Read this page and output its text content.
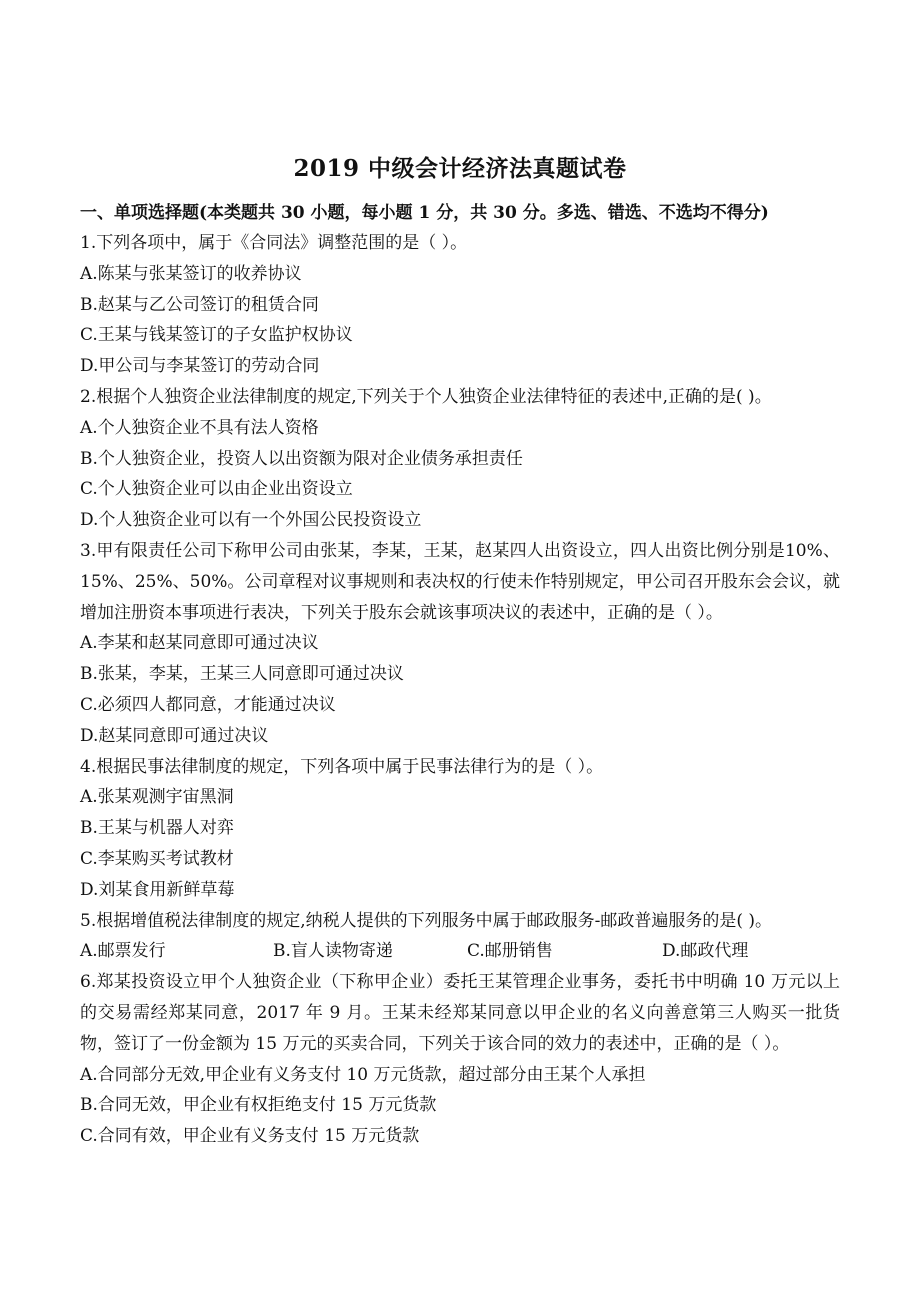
2019 中级会计经济法真题试卷
一、单项选择题(本类题共 30 小题，每小题 1 分，共 30 分。多选、错选、不选均不得分)
1.下列各项中，属于《合同法》调整范围的是（ ）。
A.陈某与张某签订的收养协议
B.赵某与乙公司签订的租赁合同
C.王某与钱某签订的子女监护权协议
D.甲公司与李某签订的劳动合同
2.根据个人独资企业法律制度的规定,下列关于个人独资企业法律特征的表述中,正确的是( )。
A.个人独资企业不具有法人资格
B.个人独资企业，投资人以出资额为限对企业债务承担责任
C.个人独资企业可以由企业出资设立
D.个人独资企业可以有一个外国公民投资设立
3.甲有限责任公司下称甲公司由张某，李某，王某，赵某四人出资设立，四人出资比例分别是10%、15%、25%、50%。公司章程对议事规则和表决权的行使未作特别规定，甲公司召开股东会会议，就增加注册资本事项进行表决，下列关于股东会就该事项决议的表述中，正确的是（ ）。
A.李某和赵某同意即可通过决议
B.张某，李某，王某三人同意即可通过决议
C.必须四人都同意，才能通过决议
D.赵某同意即可通过决议
4.根据民事法律制度的规定，下列各项中属于民事法律行为的是（ ）。
A.张某观测宇宙黑洞
B.王某与机器人对弈
C.李某购买考试教材
D.刘某食用新鲜草莓
5.根据增值税法律制度的规定,纳税人提供的下列服务中属于邮政服务-邮政普遍服务的是( )。
A.邮票发行	B.盲人读物寄递	C.邮册销售	D.邮政代理
6.郑某投资设立甲个人独资企业（下称甲企业）委托王某管理企业事务，委托书中明确 10 万元以上的交易需经郑某同意，2017 年 9 月。王某未经郑某同意以甲企业的名义向善意第三人购买一批货物，签订了一份金额为 15 万元的买卖合同，下列关于该合同的效力的表述中，正确的是（ ）。
A.合同部分无效,甲企业有义务支付 10 万元货款，超过部分由王某个人承担
B.合同无效，甲企业有权拒绝支付 15 万元货款
C.合同有效，甲企业有义务支付 15 万元货款
